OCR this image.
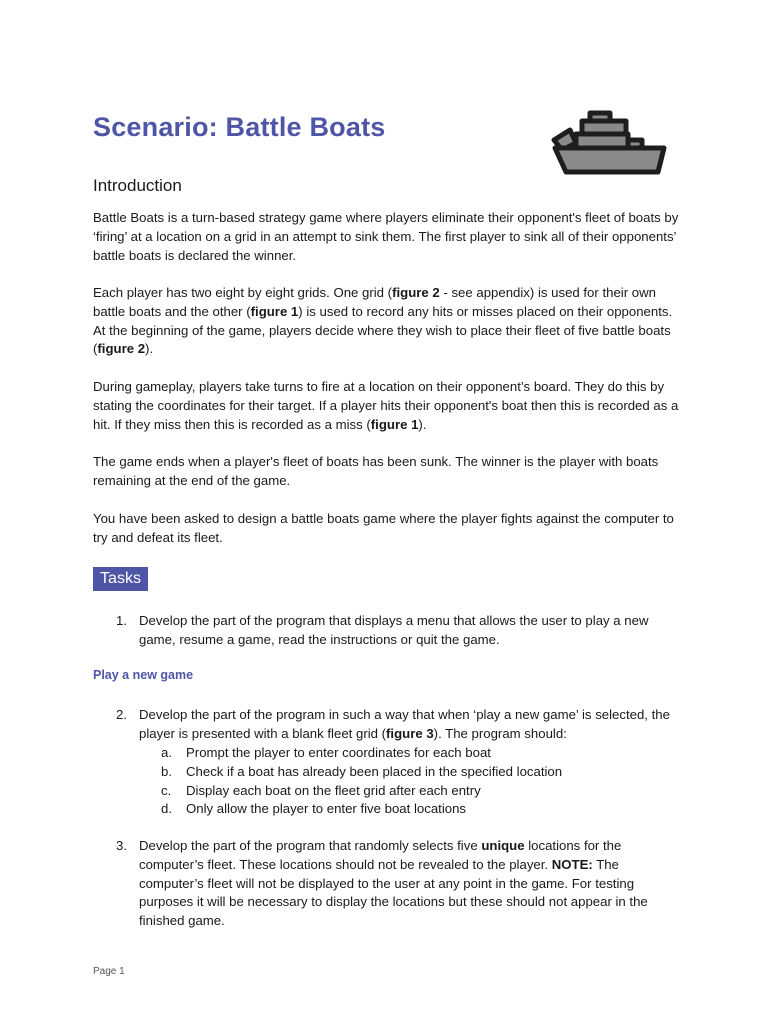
Scenario: Battle Boats
Introduction

Battle Boats is a turn-based strategy game where players eliminate their opponent's fleet of boats by ‘firing’ at a location on a grid in an attempt to sink them. The first player to sink all of their opponents’ battle boats is declared the winner.

Each player has two eight by eight grids. One grid (figure 2 - see appendix) is used for their own battle boats and the other (figure 1) is used to record any hits or misses placed on their opponents. At the beginning of the game, players decide where they wish to place their fleet of five battle boats (figure 2).

During gameplay, players take turns to fire at a location on their opponent’s board. They do this by stating the coordinates for their target. If a player hits their opponent's boat then this is recorded as a hit. If they miss then this is recorded as a miss (figure 1).

The game ends when a player's fleet of boats has been sunk. The winner is the player with boats remaining at the end of the game.

You have been asked to design a battle boats game where the player fights against the computer to try and defeat its fleet.

Tasks
1. Develop the part of the program that displays a menu that allows the user to play a new game, resume a game, read the instructions or quit the game.
Play a new game
2. Develop the part of the program in such a way that when ‘play a new game’ is selected, the player is presented with a blank fleet grid (figure 3). The program should:
a. Prompt the player to enter coordinates for each boat
b. Check if a boat has already been placed in the specified location
c. Display each boat on the fleet grid after each entry
d. Only allow the player to enter five boat locations
3. Develop the part of the program that randomly selects five unique locations for the computer’s fleet. These locations should not be revealed to the player. NOTE: The computer’s fleet will not be displayed to the user at any point in the game. For testing purposes it will be necessary to display the locations but these should not appear in the finished game.
Page 1
